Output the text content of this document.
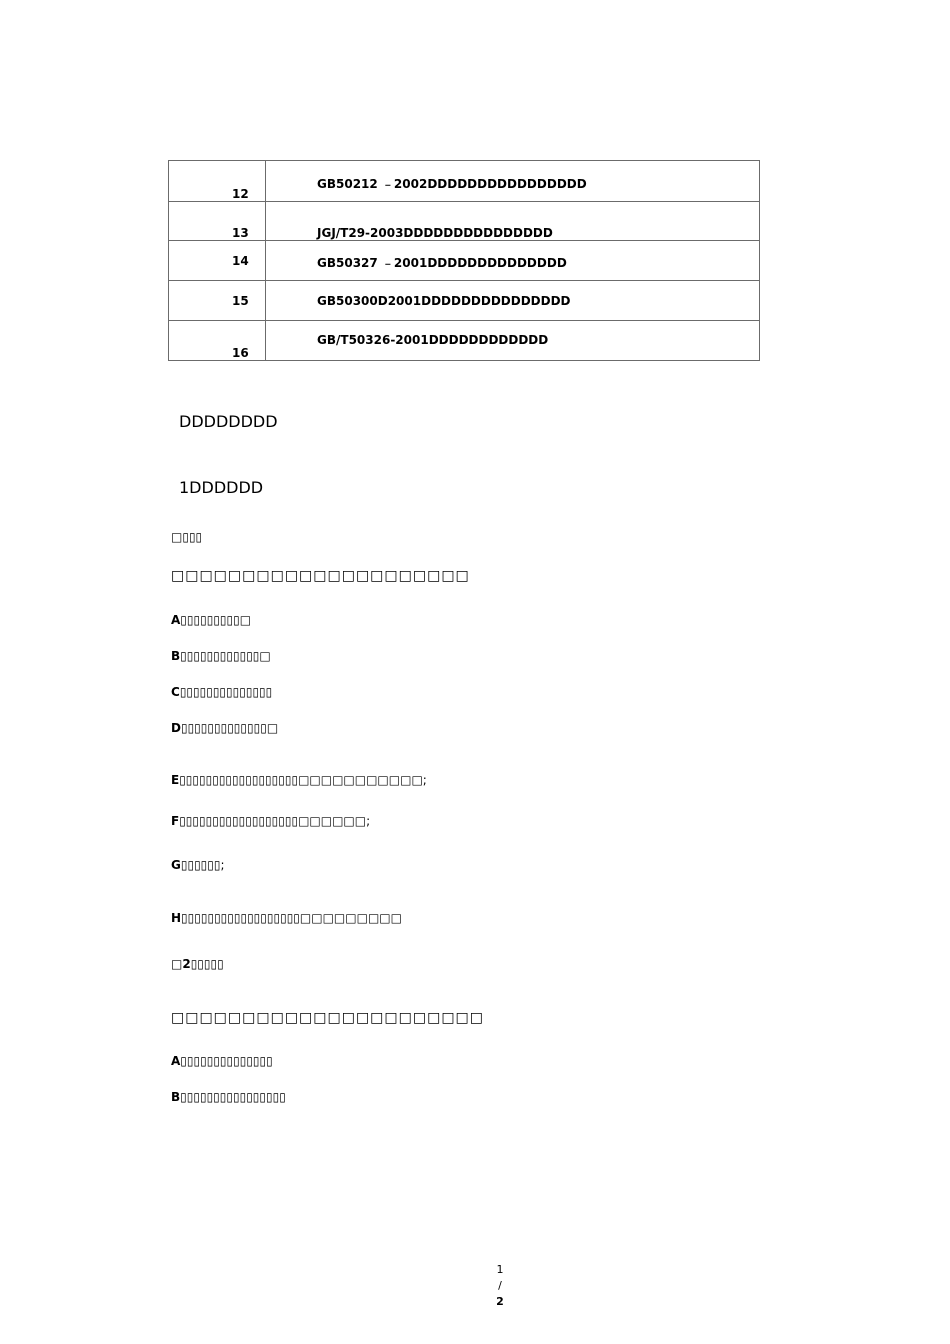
12	GB50212 ﹣2002DDDDDDDDDDDDDDDD

13	JGJ/T29-2003DDDDDDDDDDDDDDD

14	GB50327 ﹣2001DDDDDDDDDDDDDD

15	GB50300D2001DDDDDDDDDDDDDDD

16	GB/T50326-2001DDDDDDDDDDDD
DDDDDDDD
1DDDDDD
□▯▯▯
□□□□□□□□□□□□□□□□□□□□□
A▯▯▯▯▯▯▯▯▯□
B▯▯▯▯▯▯▯▯▯▯▯▯□
C▯▯▯▯▯▯▯▯▯▯▯▯▯▯
D▯▯▯▯▯▯▯▯▯▯▯▯▯□
E▯▯▯▯▯▯▯▯▯▯▯▯▯▯▯▯▯▯□□□□□□□□□□□;
F▯▯▯▯▯▯▯▯▯▯▯▯▯▯▯▯▯▯□□□□□□;
G▯▯▯▯▯▯;
H▯▯▯▯▯▯▯▯▯▯▯▯▯▯▯▯▯▯□□□□□□□□□
□2▯▯▯▯▯
□□□□□□□□□□□□□□□□□□□□□□
A▯▯▯▯▯▯▯▯▯▯▯▯▯▯
B▯▯▯▯▯▯▯▯▯▯▯▯▯▯▯▯
1
/
2
